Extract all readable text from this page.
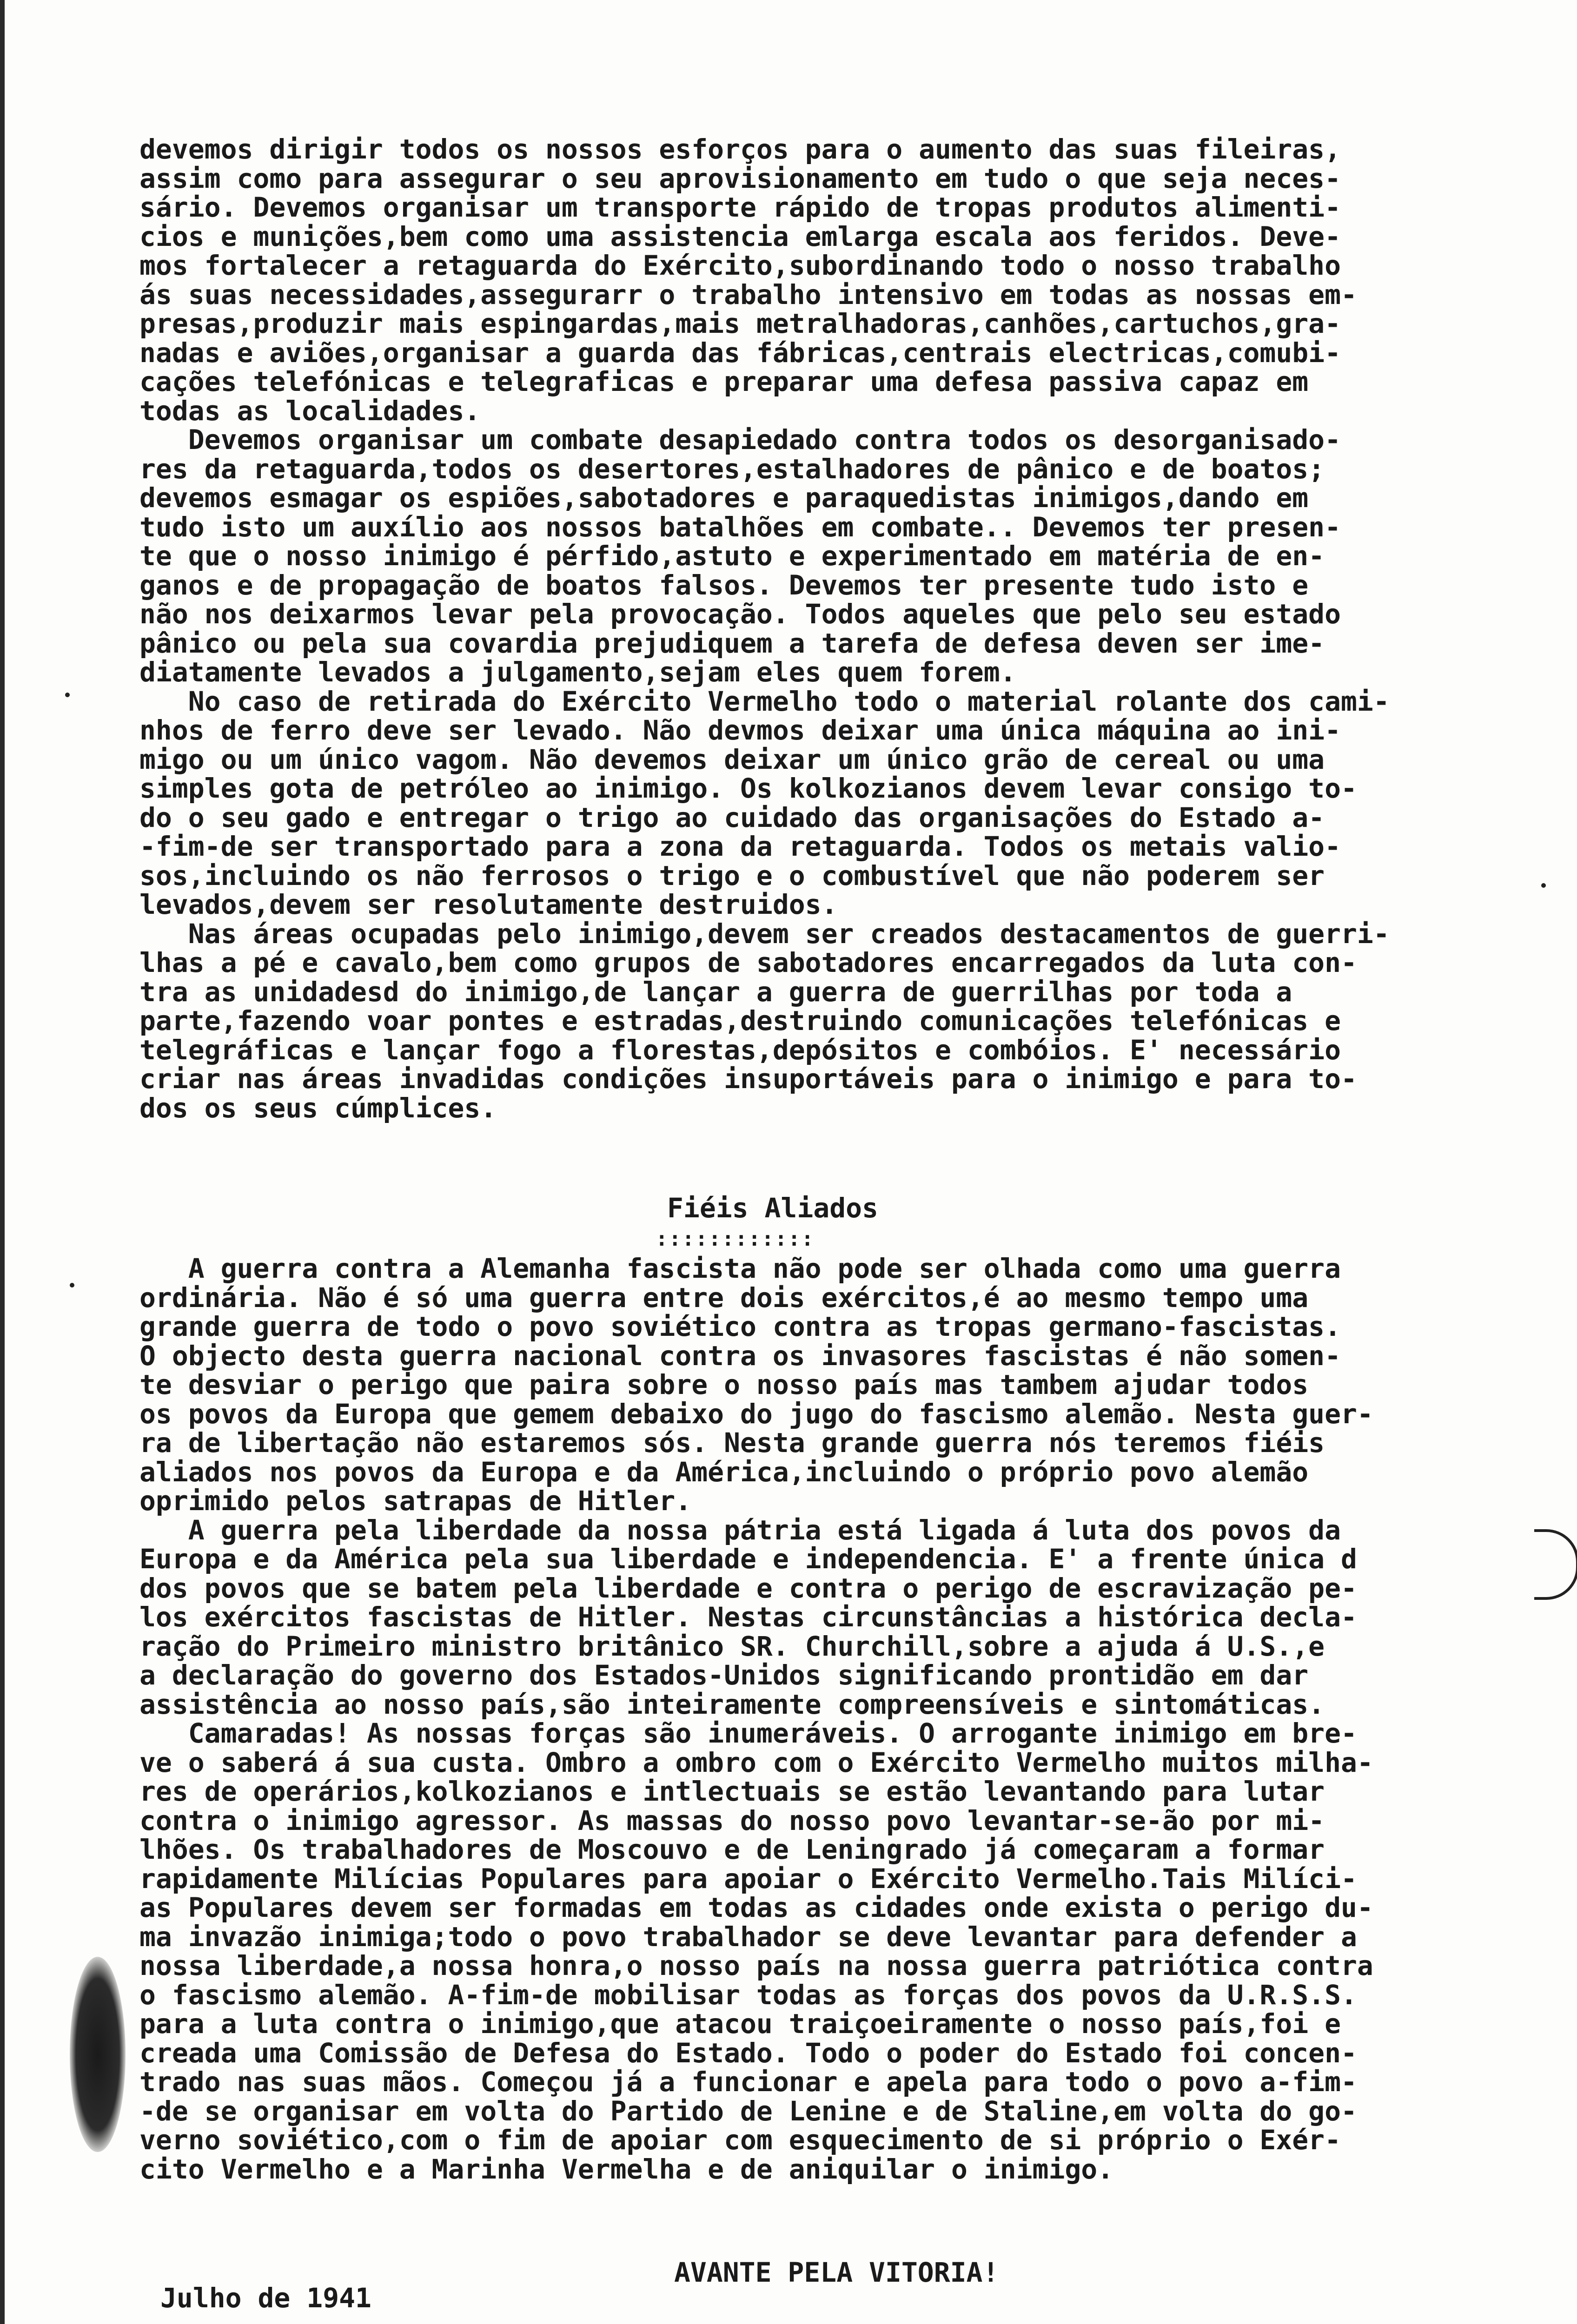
devemos dirigir todos os nossos esforços para o aumento das suas fileiras,
assim como para assegurar o seu aprovisionamento em tudo o que seja neces-
sário. Devemos organisar um transporte rápido de tropas produtos alimenti-
cios e munições,bem como uma assistencia emlarga escala aos feridos. Deve-
mos fortalecer a retaguarda do Exército,subordinando todo o nosso trabalho
ás suas necessidades,assegurarr o trabalho intensivo em todas as nossas em-
presas,produzir mais espingardas,mais metralhadoras,canhões,cartuchos,gra-
nadas e aviões,organisar a guarda das fábricas,centrais electricas,comubi-
cações telefónicas e telegraficas e preparar uma defesa passiva capaz em
todas as localidades.
Devemos organisar um combate desapiedado contra todos os desorganisado-
res da retaguarda,todos os desertores,estalhadores de pânico e de boatos;
devemos esmagar os espiões,sabotadores e paraquedistas inimigos,dando em
tudo isto um auxílio aos nossos batalhões em combate.. Devemos ter presen-
te que o nosso inimigo é pérfido,astuto e experimentado em matéria de en-
ganos e de propagação de boatos falsos. Devemos ter presente tudo isto e
não nos deixarmos levar pela provocação. Todos aqueles que pelo seu estado
pânico ou pela sua covardia prejudiquem a tarefa de defesa deven ser ime-
diatamente levados a julgamento,sejam eles quem forem.
No caso de retirada do Exército Vermelho todo o material rolante dos cami-
nhos de ferro deve ser levado. Não devmos deixar uma única máquina ao ini-
migo ou um único vagom. Não devemos deixar um único grão de cereal ou uma
simples gota de petróleo ao inimigo. Os kolkozianos devem levar consigo to-
do o seu gado e entregar o trigo ao cuidado das organisações do Estado a-
-fim-de ser transportado para a zona da retaguarda. Todos os metais valio-
sos,incluindo os não ferrosos o trigo e o combustível que não poderem ser
levados,devem ser resolutamente destruidos.
Nas áreas ocupadas pelo inimigo,devem ser creados destacamentos de guerri-
lhas a pé e cavalo,bem como grupos de sabotadores encarregados da luta con-
tra as unidadesd do inimigo,de lançar a guerra de guerrilhas por toda a
parte,fazendo voar pontes e estradas,destruindo comunicações telefónicas e
telegráficas e lançar fogo a florestas,depósitos e combóios. E' necessário
criar nas áreas invadidas condições insuportáveis para o inimigo e para to-
dos os seus cúmplices.
Fiéis Aliados
::::::::::::
A guerra contra a Alemanha fascista não pode ser olhada como uma guerra
ordinária. Não é só uma guerra entre dois exércitos,é ao mesmo tempo uma
grande guerra de todo o povo soviético contra as tropas germano-fascistas.
O objecto desta guerra nacional contra os invasores fascistas é não somen-
te desviar o perigo que paira sobre o nosso país mas tambem ajudar todos
os povos da Europa que gemem debaixo do jugo do fascismo alemão. Nesta guer-
ra de libertação não estaremos sós. Nesta grande guerra nós teremos fiéis
aliados nos povos da Europa e da América,incluindo o próprio povo alemão
oprimido pelos satrapas de Hitler.
A guerra pela liberdade da nossa pátria está ligada á luta dos povos da
Europa e da América pela sua liberdade e independencia. E' a frente única d
dos povos que se batem pela liberdade e contra o perigo de escravização pe-
los exércitos fascistas de Hitler. Nestas circunstâncias a histórica decla-
ração do Primeiro ministro britânico SR. Churchill,sobre a ajuda á U.S.,e
a declaração do governo dos Estados-Unidos significando prontidão em dar
assistência ao nosso país,são inteiramente compreensíveis e sintomáticas.
Camaradas! As nossas forças são inumeráveis. O arrogante inimigo em bre-
ve o saberá á sua custa. Ombro a ombro com o Exército Vermelho muitos milha-
res de operários,kolkozianos e intlectuais se estão levantando para lutar
contra o inimigo agressor. As massas do nosso povo levantar-se-ão por mi-
lhões. Os trabalhadores de Moscouvo e de Leningrado já começaram a formar
rapidamente Milícias Populares para apoiar o Exército Vermelho.Tais Milíci-
as Populares devem ser formadas em todas as cidades onde exista o perigo du-
ma invazão inimiga;todo o povo trabalhador se deve levantar para defender a
nossa liberdade,a nossa honra,o nosso país na nossa guerra patriótica contra
o fascismo alemão. A-fim-de mobilisar todas as forças dos povos da U.R.S.S.
para a luta contra o inimigo,que atacou traiçoeiramente o nosso país,foi e
creada uma Comissão de Defesa do Estado. Todo o poder do Estado foi concen-
trado nas suas mãos. Começou já a funcionar e apela para todo o povo a-fim-
-de se organisar em volta do Partido de Lenine e de Staline,em volta do go-
verno soviético,com o fim de apoiar com esquecimento de si próprio o Exér-
cito Vermelho e a Marinha Vermelha e de aniquilar o inimigo.
AVANTE PELA VITORIA!
Julho de 1941
